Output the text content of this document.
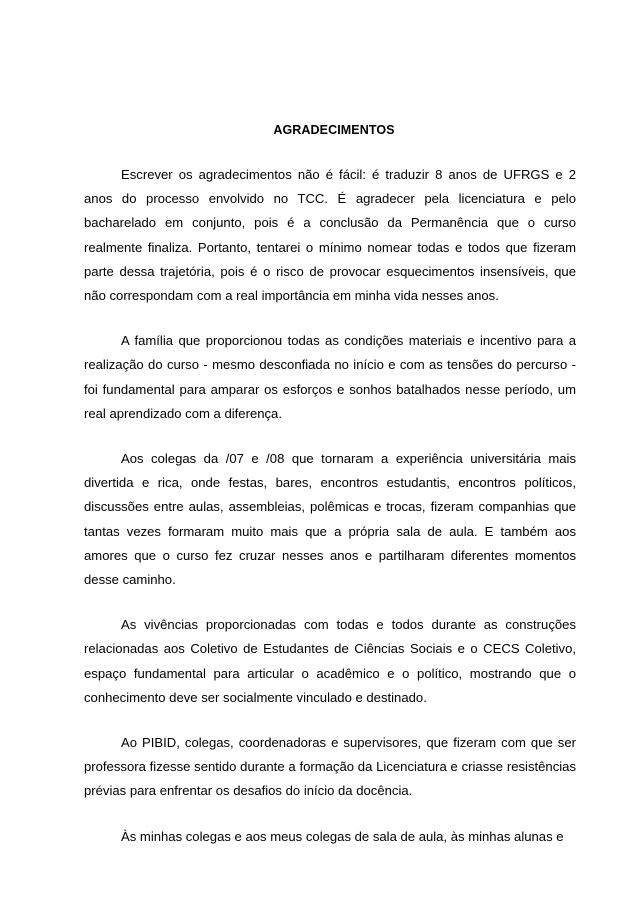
AGRADECIMENTOS

Escrever os agradecimentos não é fácil: é traduzir 8 anos de UFRGS e 2 anos do processo envolvido no TCC. É agradecer pela licenciatura e pelo bacharelado em conjunto, pois é a conclusão da Permanência que o curso realmente finaliza. Portanto, tentarei o mínimo nomear todas e todos que fizeram parte dessa trajetória, pois é o risco de provocar esquecimentos insensíveis, que não correspondam com a real importância em minha vida nesses anos.

A família que proporcionou todas as condições materiais e incentivo para a realização do curso - mesmo desconfiada no início e com as tensões do percurso - foi fundamental para amparar os esforços e sonhos batalhados nesse período, um real aprendizado com a diferença.

Aos colegas da /07 e /08 que tornaram a experiência universitária mais divertida e rica, onde festas, bares, encontros estudantis, encontros políticos, discussões entre aulas, assembleias, polêmicas e trocas, fizeram companhias que tantas vezes formaram muito mais que a própria sala de aula. E também aos amores que o curso fez cruzar nesses anos e partilharam diferentes momentos desse caminho.

As vivências proporcionadas com todas e todos durante as construções relacionadas aos Coletivo de Estudantes de Ciências Sociais e o CECS Coletivo, espaço fundamental para articular o acadêmico e o político, mostrando que o conhecimento deve ser socialmente vinculado e destinado.

Ao PIBID, colegas, coordenadoras e supervisores, que fizeram com que ser professora fizesse sentido durante a formação da Licenciatura e criasse resistências prévias para enfrentar os desafios do início da docência.

Às minhas colegas e aos meus colegas de sala de aula, às minhas alunas e
